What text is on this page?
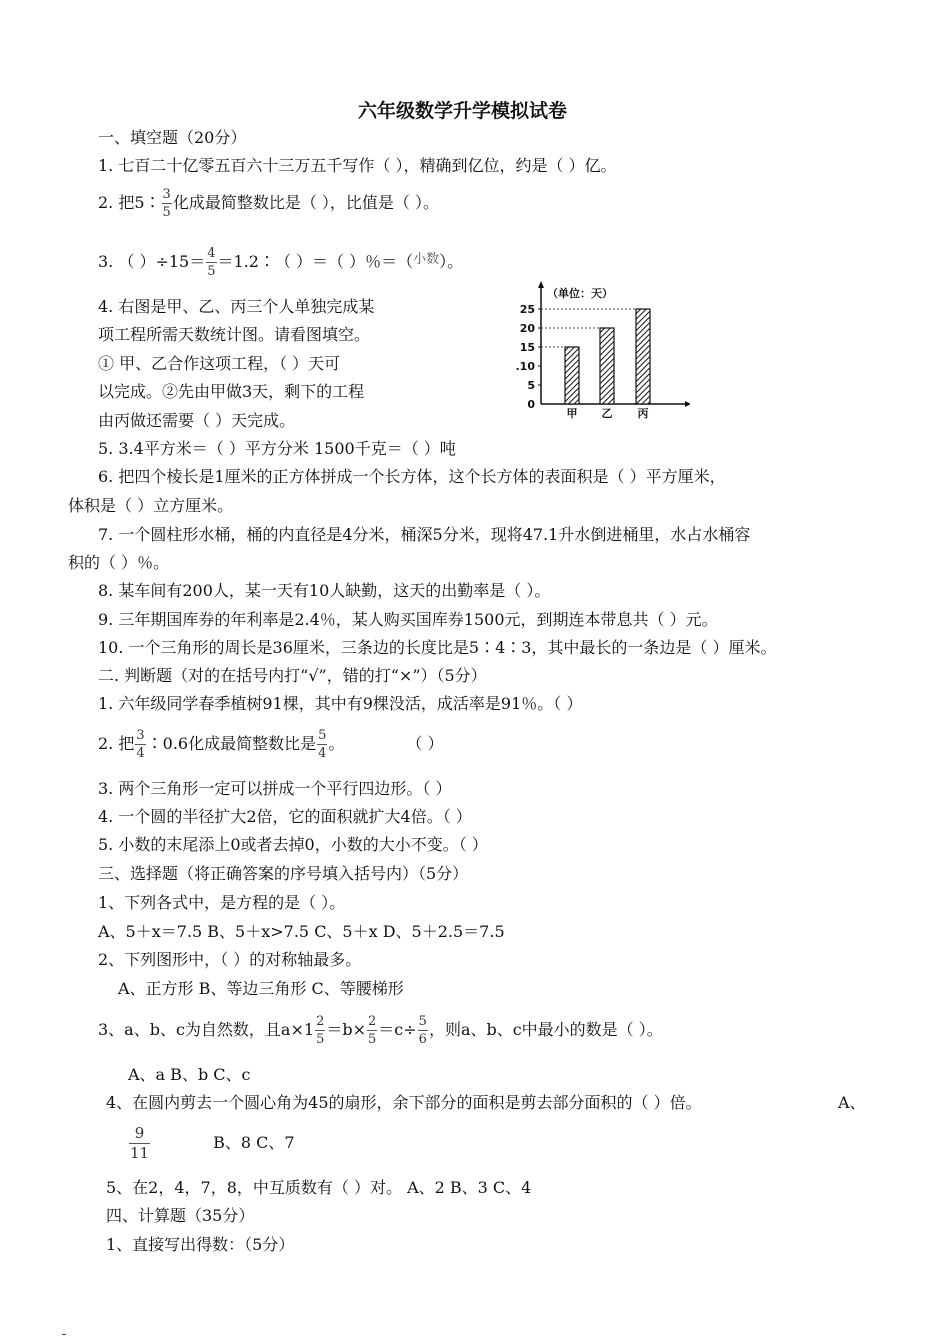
六年级数学升学模拟试卷
一、填空题（20分）
1. 七百二十亿零五百六十三万五千写作（ ），精确到亿位，约是（ ）亿。
2. 把5∶ $\frac{3}{5}$ 化成最简整数比是（ ），比值是（ ）。
3. （ ）$\div 15= \frac{4}{5}$ ＝1.2∶（ ）＝（ ）％＝（$^{小数}$）。
4. 右图是甲、乙、丙三个人单独完成某
项工程所需天数统计图。请看图填空。
① 甲、乙合作这项工程，（ ）天可
以完成。②先由甲做3天，剩下的工程
由丙做还需要（ ）天完成。
（单位：天）
0
5
.10
15
20
25
甲 乙 丙
5. 3.4平方米＝（ ）平方分米 1500千克＝（ ）吨
6. 把四个棱长是1厘米的正方体拼成一个长方体，这个长方体的表面积是（ ）平方厘米，
体积是（ ）立方厘米。
7. 一个圆柱形水桶，桶的内直径是4分米，桶深5分米，现将47.1升水倒进桶里，水占水桶容
积的（ ）％。
8. 某车间有200人，某一天有10人缺勤，这天的出勤率是（ ）。
9. 三年期国库券的年利率是2.4％，某人购买国库券1500元，到期连本带息共（ ）元。
10. 一个三角形的周长是36厘米，三条边的长度比是5∶4∶3，其中最长的一条边是（ ）厘米。
二. 判断题（对的在括号内打“√”，错的打“×”）（5分）
1. 六年级同学春季植树91棵，其中有9棵没活，成活率是91％。（ ）
2. 把 $\frac{3}{4}$ ∶0.6化成最简整数比是 $\frac{5}{4}$ 。	（ ）
3. 两个三角形一定可以拼成一个平行四边形。（ ）
4. 一个圆的半径扩大2倍，它的面积就扩大4倍。（ ）
5. 小数的末尾添上0或者去掉0，小数的大小不变。（ ）
三、选择题（将正确答案的序号填入括号内）（5分）
1、下列各式中，是方程的是（ ）。
A、5＋x＝7.5 B、5＋x>7.5 C、5＋x D、5＋2.5＝7.5
2、下列图形中，（ ）的对称轴最多。
A、正方形 B、等边三角形 C、等腰梯形
3、a、b、c为自然数，且$a\times 1 \frac{2}{5} =b\times \frac{2}{5} =c\div \frac{5}{6}$ ，则a、b、c中最小的数是（ ）。
A、a B、b C、c
4、在圆内剪去一个圆心角为45的扇形，余下部分的面积是剪去部分面积的（ ）倍。	A、
$\frac{9}{11}$	B、8 C、7
5、在2，4，7，8，中互质数有（ ）对。 A、2 B、3 C、4
四、计算题（35分）
1、直接写出得数：（5分）
